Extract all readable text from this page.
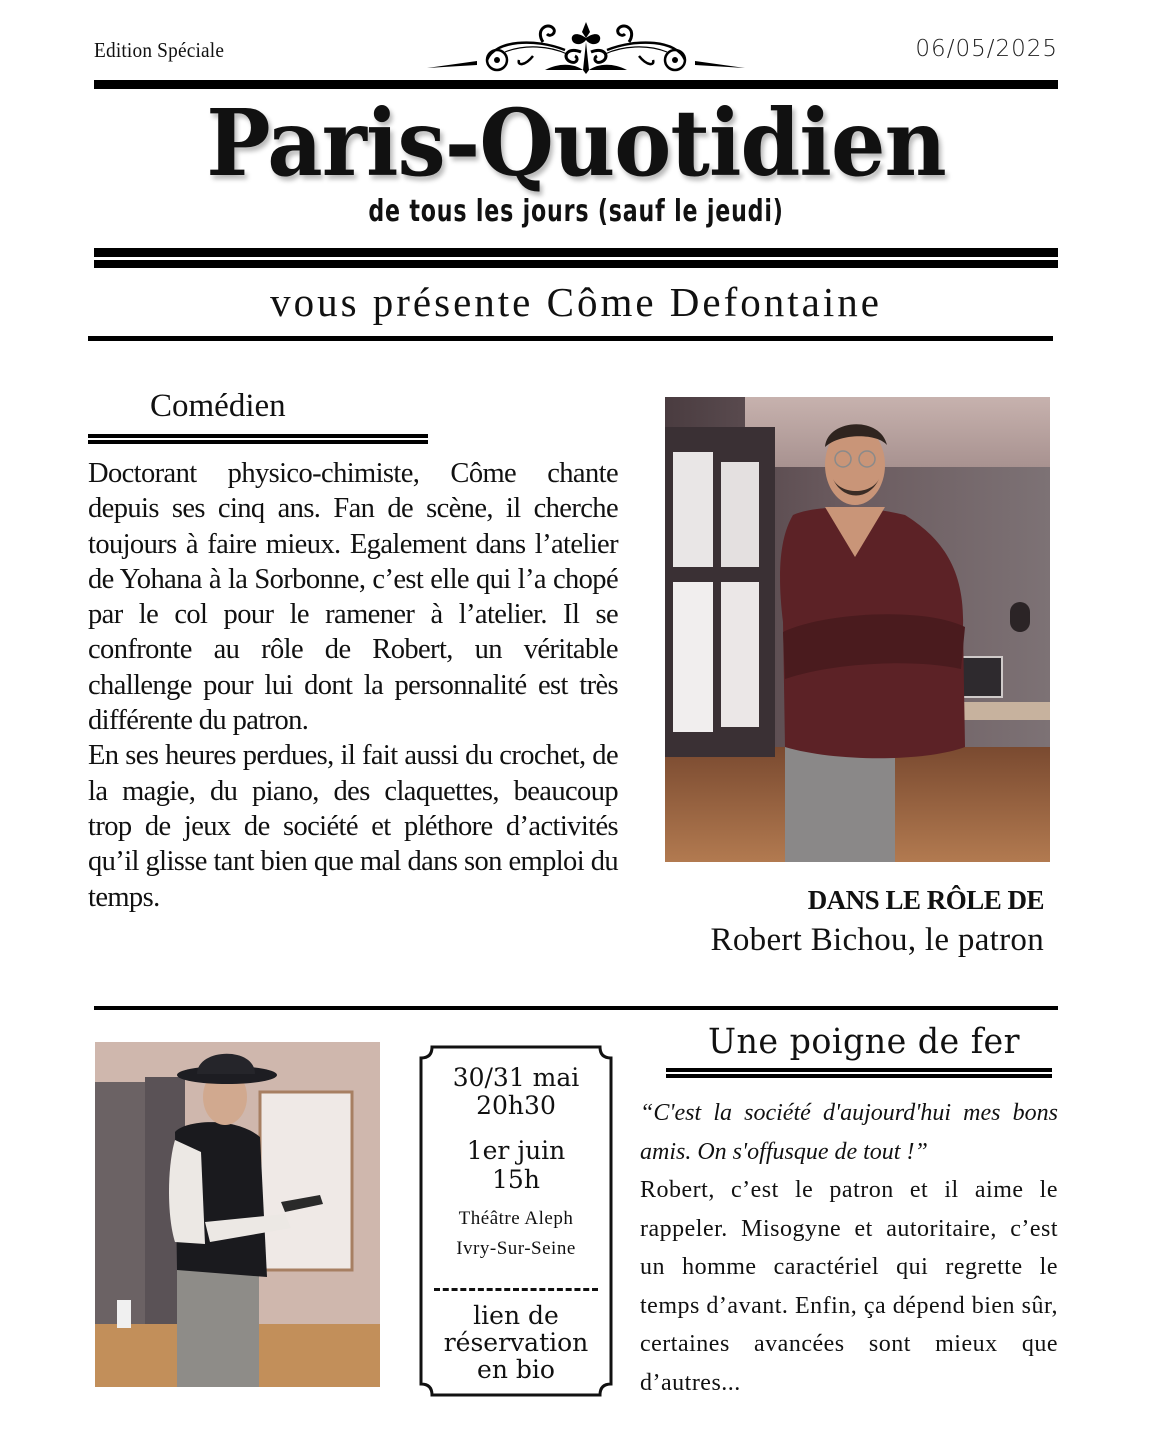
Edition Spéciale	06/05/2025
Paris-Quotidien
de tous les jours (sauf le jeudi)
vous présente Côme Defontaine
Comédien

Doctorant physico-chimiste, Côme chante depuis ses cinq ans. Fan de scène, il cherche toujours à faire mieux. Egalement dans l’atelier de Yohana à la Sorbonne, c’est elle qui l’a chopé par le col pour le ramener à l’atelier. Il se confronte au rôle de Robert, un véritable challenge pour lui dont la personnalité est très différente du patron.

En ses heures perdues, il fait aussi du crochet, de la magie, du piano, des claquettes, beaucoup trop de jeux de société et pléthore d’activités qu’il glisse tant bien que mal dans son emploi du temps.	DANS LE RÔLE DE
Robert Bichou, le patron
30/31 mai
20h30
1er juin
15h
Théâtre Aleph
Ivry-Sur-Seine
lien de
réservation
en bio
Une poigne de fer
“C'est la société d'aujourd'hui mes bons amis. On s'offusque de tout !”
Robert, c’est le patron et il aime le rappeler. Misogyne et autoritaire, c’est un homme caractériel qui regrette le temps d’avant. Enfin, ça dépend bien sûr, certaines avancées sont mieux que d’autres...
